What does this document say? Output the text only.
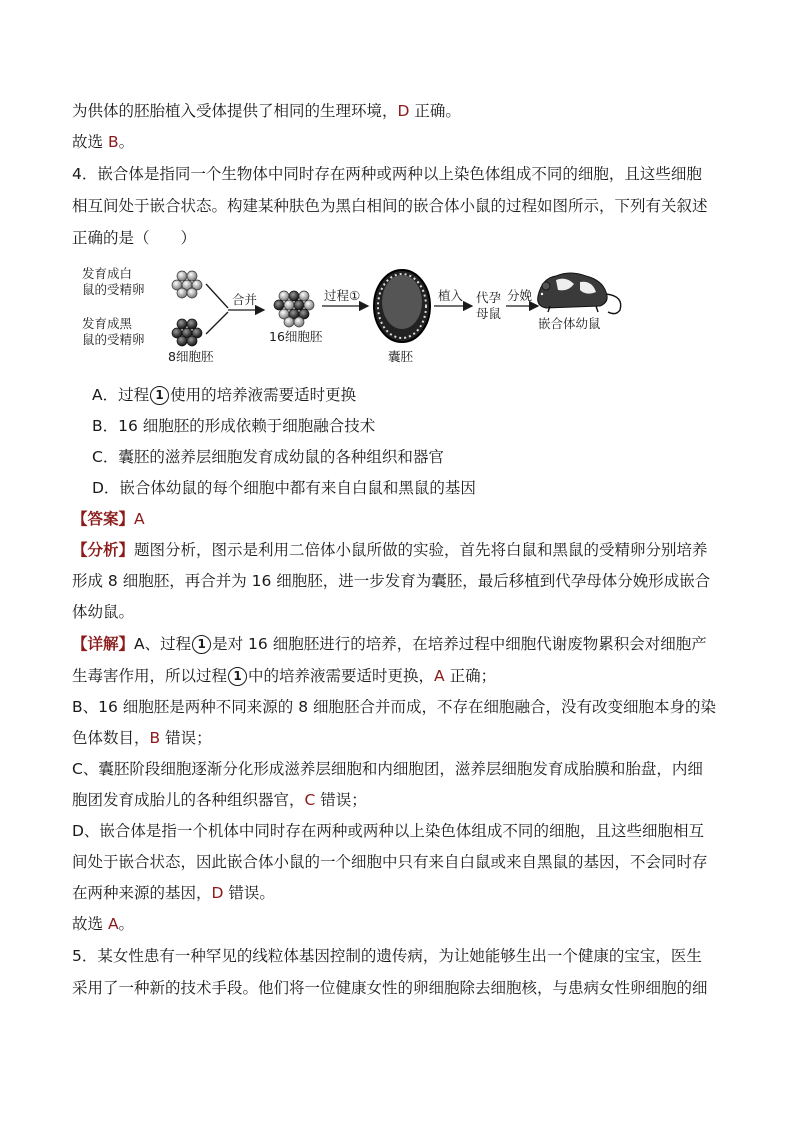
为供体的胚胎植入受体提供了相同的生理环境，D 正确。
故选 B。
4．嵌合体是指同一个生物体中同时存在两种或两种以上染色体组成不同的细胞，且这些细胞
相互间处于嵌合状态。构建某种肤色为黑白相间的嵌合体小鼠的过程如图所示，下列有关叙述
正确的是（　　）
发育成白
鼠的受精卵
发育成黑
鼠的受精卵
8细胞胚
合并
16细胞胚
过程①
囊胚
植入 代孕
母鼠
分娩
嵌合体幼鼠
A．过程 1 使用的培养液需要适时更换
B．16 细胞胚的形成依赖于细胞融合技术
C．囊胚的滋养层细胞发育成幼鼠的各种组织和器官
D．嵌合体幼鼠的每个细胞中都有来自白鼠和黑鼠的基因
【答案】A
【分析】题图分析，图示是利用二倍体小鼠所做的实验，首先将白鼠和黑鼠的受精卵分别培养
形成 8 细胞胚，再合并为 16 细胞胚，进一步发育为囊胚，最后移植到代孕母体分娩形成嵌合
体幼鼠。
【详解】A、过程 1 是对 16 细胞胚进行的培养，在培养过程中细胞代谢废物累积会对细胞产
生毒害作用，所以过程 1 中的培养液需要适时更换，A 正确；
B、16 细胞胚是两种不同来源的 8 细胞胚合并而成，不存在细胞融合，没有改变细胞本身的染
色体数目，B 错误；
C、囊胚阶段细胞逐渐分化形成滋养层细胞和内细胞团，滋养层细胞发育成胎膜和胎盘，内细
胞团发育成胎儿的各种组织器官，C 错误；
D、嵌合体是指一个机体中同时存在两种或两种以上染色体组成不同的细胞，且这些细胞相互
间处于嵌合状态，因此嵌合体小鼠的一个细胞中只有来自白鼠或来自黑鼠的基因，不会同时存
在两种来源的基因，D 错误。
故选 A。
5．某女性患有一种罕见的线粒体基因控制的遗传病，为让她能够生出一个健康的宝宝，医生
采用了一种新的技术手段。他们将一位健康女性的卵细胞除去细胞核，与患病女性卵细胞的细
